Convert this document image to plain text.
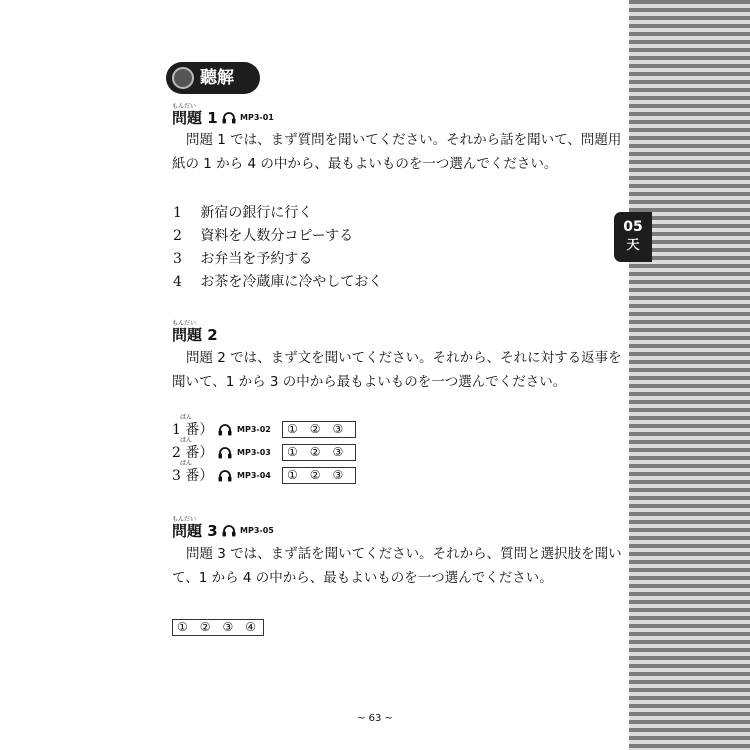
05
天
聽解
もんだい
問題 1	MP3-01
問題 1 では、まず質問を聞いてください。それから話を聞いて、問題用
紙の 1 から 4 の中から、最もよいものを一つ選んでください。
1 新宿の銀行に行く
2 資料を人数分コピーする
3 お弁当を予約する
4 お茶を冷蔵庫に冷やしておく
もんだい
問題 2
問題 2 では、まず文を聞いてください。それから、それに対する返事を
聞いて、1 から 3 の中から最もよいものを一つ選んでください。
ばん
1 番）	MP3-02	①　②　③
ばん
2 番）	MP3-03	①　②　③
ばん
3 番）	MP3-04	①　②　③
もんだい
問題 3	MP3-05
問題 3 では、まず話を聞いてください。それから、質問と選択肢を聞い
て、1 から 4 の中から、最もよいものを一つ選んでください。
①　②　③　④
~ 63 ~
